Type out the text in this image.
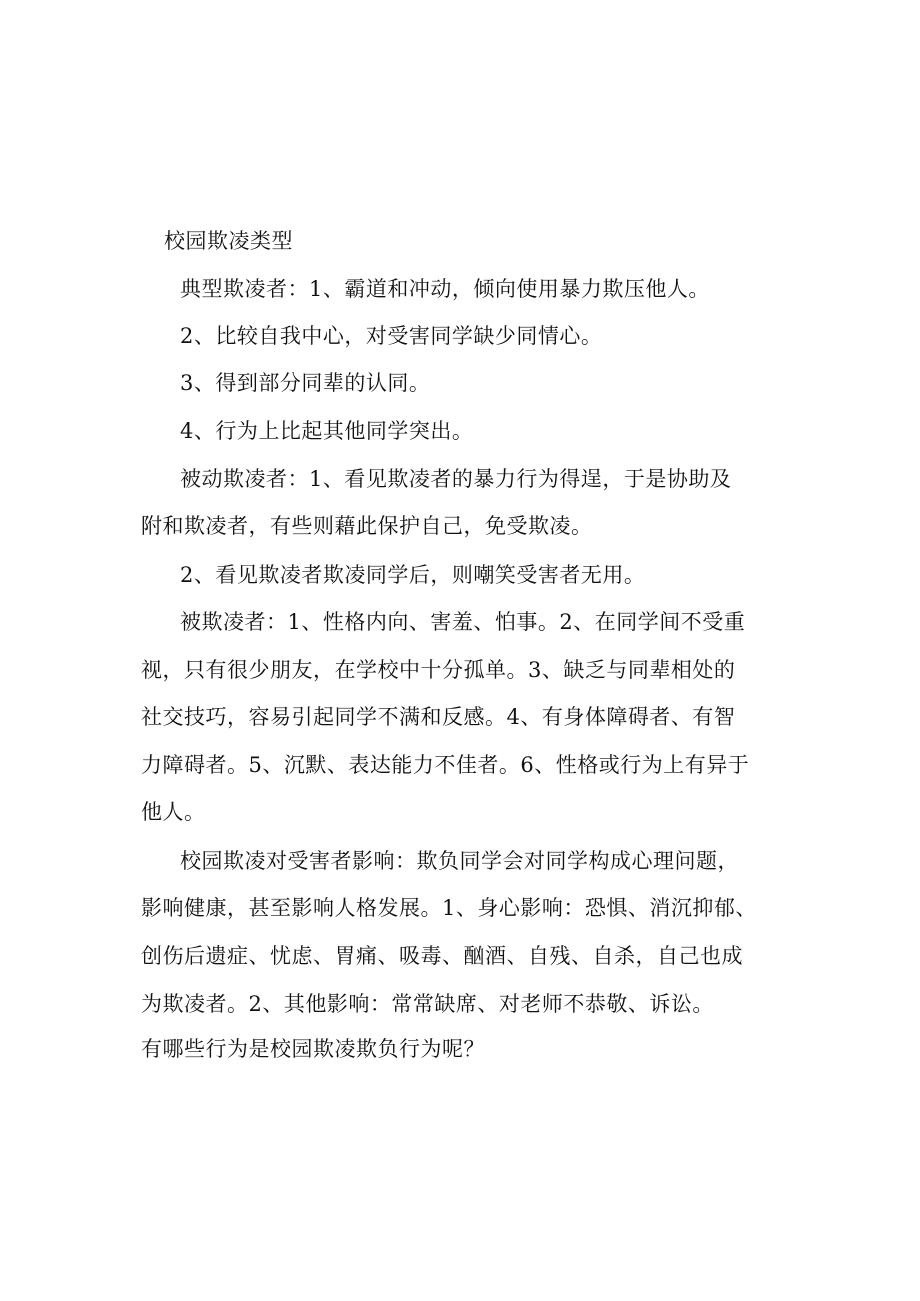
校园欺凌类型
典型欺凌者：1、霸道和冲动，倾向使用暴力欺压他人。
2、比较自我中心，对受害同学缺少同情心。
3、得到部分同辈的认同。
4、行为上比起其他同学突出。
被动欺凌者：1、看见欺凌者的暴力行为得逞，于是协助及
附和欺凌者，有些则藉此保护自己，免受欺凌。
2、看见欺凌者欺凌同学后，则嘲笑受害者无用。
被欺凌者：1、性格内向、害羞、怕事。2、在同学间不受重
视，只有很少朋友，在学校中十分孤单。3、缺乏与同辈相处的
社交技巧，容易引起同学不满和反感。4、有身体障碍者、有智
力障碍者。5、沉默、表达能力不佳者。6、性格或行为上有异于
他人。
校园欺凌对受害者影响：欺负同学会对同学构成心理问题，
影响健康，甚至影响人格发展。1、身心影响：恐惧、消沉抑郁、
创伤后遗症、忧虑、胃痛、吸毒、酗酒、自残、自杀，自己也成
为欺凌者。2、其他影响：常常缺席、对老师不恭敬、诉讼。
有哪些行为是校园欺凌欺负行为呢？
